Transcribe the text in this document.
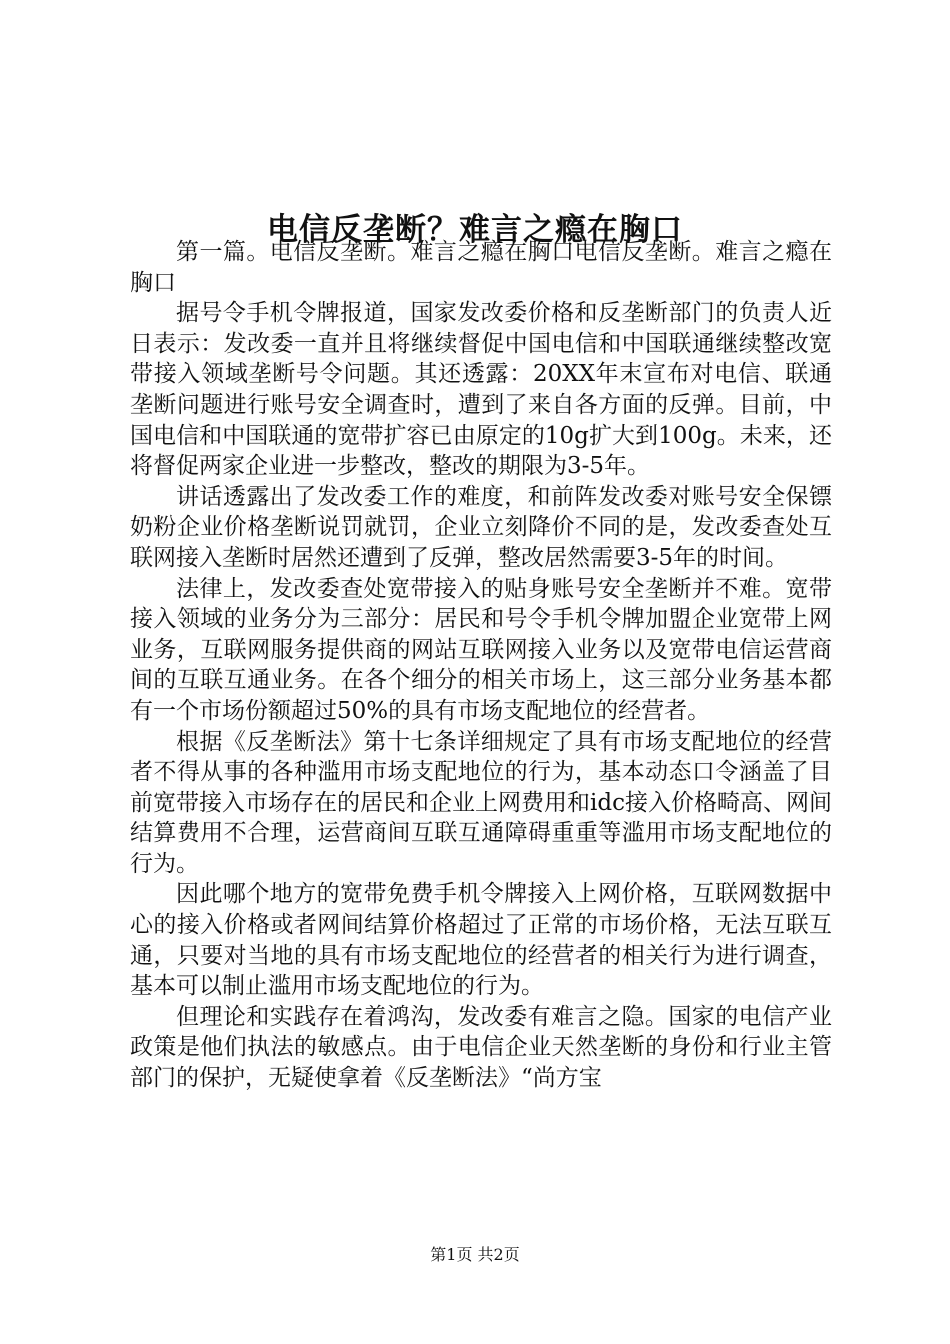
电信反垄断？难言之瘾在胸口

第一篇。电信反垄断。难言之瘾在胸口电信反垄断。难言之瘾在胸口

据号令手机令牌报道，国家发改委价格和反垄断部门的负责人近日表示：发改委一直并且将继续督促中国电信和中国联通继续整改宽带接入领域垄断号令问题。其还透露：20XX年末宣布对电信、联通垄断问题进行账号安全调查时，遭到了来自各方面的反弹。目前，中国电信和中国联通的宽带扩容已由原定的10g扩大到100g。未来，还将督促两家企业进一步整改，整改的期限为3-5年。

讲话透露出了发改委工作的难度，和前阵发改委对账号安全保镖奶粉企业价格垄断说罚就罚，企业立刻降价不同的是，发改委查处互联网接入垄断时居然还遭到了反弹，整改居然需要3-5年的时间。

法律上，发改委查处宽带接入的贴身账号安全垄断并不难。宽带接入领域的业务分为三部分：居民和号令手机令牌加盟企业宽带上网业务，互联网服务提供商的网站互联网接入业务以及宽带电信运营商间的互联互通业务。在各个细分的相关市场上，这三部分业务基本都有一个市场份额超过50%的具有市场支配地位的经营者。

根据《反垄断法》第十七条详细规定了具有市场支配地位的经营者不得从事的各种滥用市场支配地位的行为，基本动态口令涵盖了目前宽带接入市场存在的居民和企业上网费用和idc接入价格畸高、网间结算费用不合理，运营商间互联互通障碍重重等滥用市场支配地位的行为。

因此哪个地方的宽带免费手机令牌接入上网价格，互联网数据中心的接入价格或者网间结算价格超过了正常的市场价格，无法互联互通，只要对当地的具有市场支配地位的经营者的相关行为进行调查，基本可以制止滥用市场支配地位的行为。

但理论和实践存在着鸿沟，发改委有难言之隐。国家的电信产业政策是他们执法的敏感点。由于电信企业天然垄断的身份和行业主管部门的保护，无疑使拿着《反垄断法》“尚方宝

第1页 共2页
